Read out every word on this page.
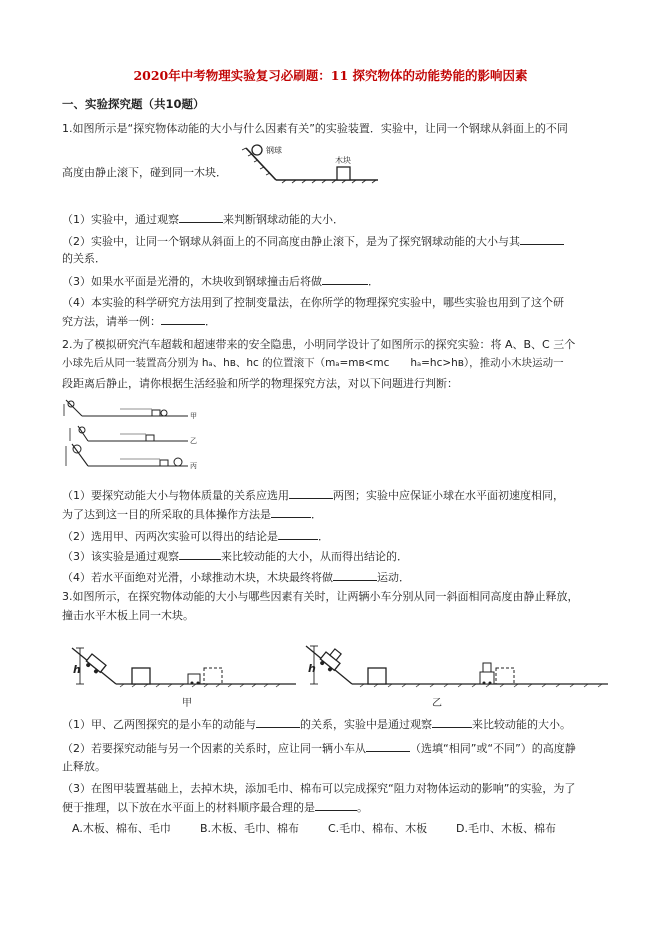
2020年中考物理实验复习必刷题：11 探究物体的动能势能的影响因素
一、实验探究题（共10题）
1.如图所示是“探究物体动能的大小与什么因素有关”的实验装置．实验中，让同一个钢球从斜面上的不同
高度由静止滚下，碰到同一木块．
钢球
木块
（1）实验中，通过观察	来判断钢球动能的大小．
（2）实验中，让同一个钢球从斜面上的不同高度由静止滚下，是为了探究钢球动能的大小与其
的关系．
（3）如果水平面是光滑的，木块收到钢球撞击后将做	．
（4）本实验的科学研究方法用到了控制变量法，在你所学的物理探究实验中，哪些实验也用到了这个研
究方法，请举一例：	．
2.为了模拟研究汽车超载和超速带来的安全隐患，小明同学设计了如图所示的探究实验：将 A、B、C 三个
小球先后从同一装置高分别为 hₐ、hʙ、hᴄ 的位置滚下（mₐ=mʙ<mᴄ　　hₐ=hᴄ>hʙ），推动小木块运动一
段距离后静止，请你根据生活经验和所学的物理探究方法，对以下问题进行判断：
甲
乙
丙
（1）要探究动能大小与物体质量的关系应选用	两图；实验中应保证小球在水平面初速度相同，
为了达到这一目的所采取的具体操作方法是	．
（2）选用甲、丙两次实验可以得出的结论是	．
（3）该实验是通过观察	来比较动能的大小，从而得出结论的．
（4）若水平面绝对光滑，小球推动木块，木块最终将做	运动．
3.如图所示，在探究物体动能的大小与哪些因素有关时，让两辆小车分别从同一斜面相同高度由静止释放，
撞击水平木板上同一木块。
h
甲
h
乙
（1）甲、乙两图探究的是小车的动能与	的关系，实验中是通过观察	来比较动能的大小。
（2）若要探究动能与另一个因素的关系时，应让同一辆小车从	（选填“相同”或“不同”）的高度静
止释放。
（3）在图甲装置基础上，去掉木块，添加毛巾、棉布可以完成探究“阻力对物体运动的影响”的实验，为了
便于推理，以下放在水平面上的材料顺序最合理的是	。
A.木板、棉布、毛巾	B.木板、毛巾、棉布	C.毛巾、棉布、木板	D.毛巾、木板、棉布
